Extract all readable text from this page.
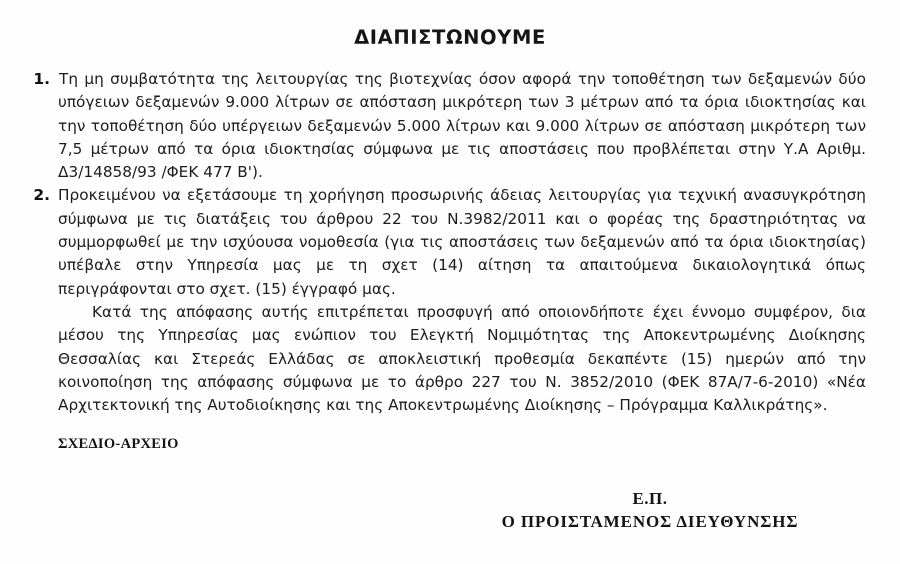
ΔΙΑΠΙΣΤΩΝΟΥΜΕ
1. Τη μη συμβατότητα της λειτουργίας της βιοτεχνίας όσον αφορά την τοποθέτηση των δεξαμενών δύο υπόγειων δεξαμενών 9.000 λίτρων σε απόσταση μικρότερη των 3 μέτρων από τα όρια ιδιοκτησίας και την τοποθέτηση δύο υπέργειων δεξαμενών 5.000 λίτρων και 9.000 λίτρων σε απόσταση μικρότερη των 7,5 μέτρων από τα όρια ιδιοκτησίας σύμφωνα με τις αποστάσεις που προβλέπεται στην Υ.Α Αριθμ. Δ3/14858/93 /ΦΕΚ 477 Β').
2. Προκειμένου να εξετάσουμε τη χορήγηση προσωρινής άδειας λειτουργίας για τεχνική ανασυγκρότηση σύμφωνα με τις διατάξεις του άρθρου 22 του Ν.3982/2011 και ο φορέας της δραστηριότητας να συμμορφωθεί με την ισχύουσα νομοθεσία (για τις αποστάσεις των δεξαμενών από τα όρια ιδιοκτησίας) υπέβαλε στην Υπηρεσία μας με τη σχετ (14) αίτηση τα απαιτούμενα δικαιολογητικά όπως περιγράφονται στο σχετ. (15) έγγραφό μας.

Κατά της απόφασης αυτής επιτρέπεται προσφυγή από οποιονδήποτε έχει έννομο συμφέρον, δια μέσου της Υπηρεσίας μας ενώπιον του Ελεγκτή Νομιμότητας της Αποκεντρωμένης Διοίκησης Θεσσαλίας και Στερεάς Ελλάδας σε αποκλειστική προθεσμία δεκαπέντε (15) ημερών από την κοινοποίηση της απόφασης σύμφωνα με το άρθρο 227 του Ν. 3852/2010 (ΦΕΚ 87Α/7-6-2010) «Νέα Αρχιτεκτονική της Αυτοδιοίκησης και της Αποκεντρωμένης Διοίκησης – Πρόγραμμα Καλλικράτης».

ΣΧΕΔΙΟ-ΑΡΧΕΙΟ
Ε.Π.
Ο ΠΡΟΙΣΤΑΜΕΝΟΣ ΔΙΕΥΘΥΝΣΗΣ
